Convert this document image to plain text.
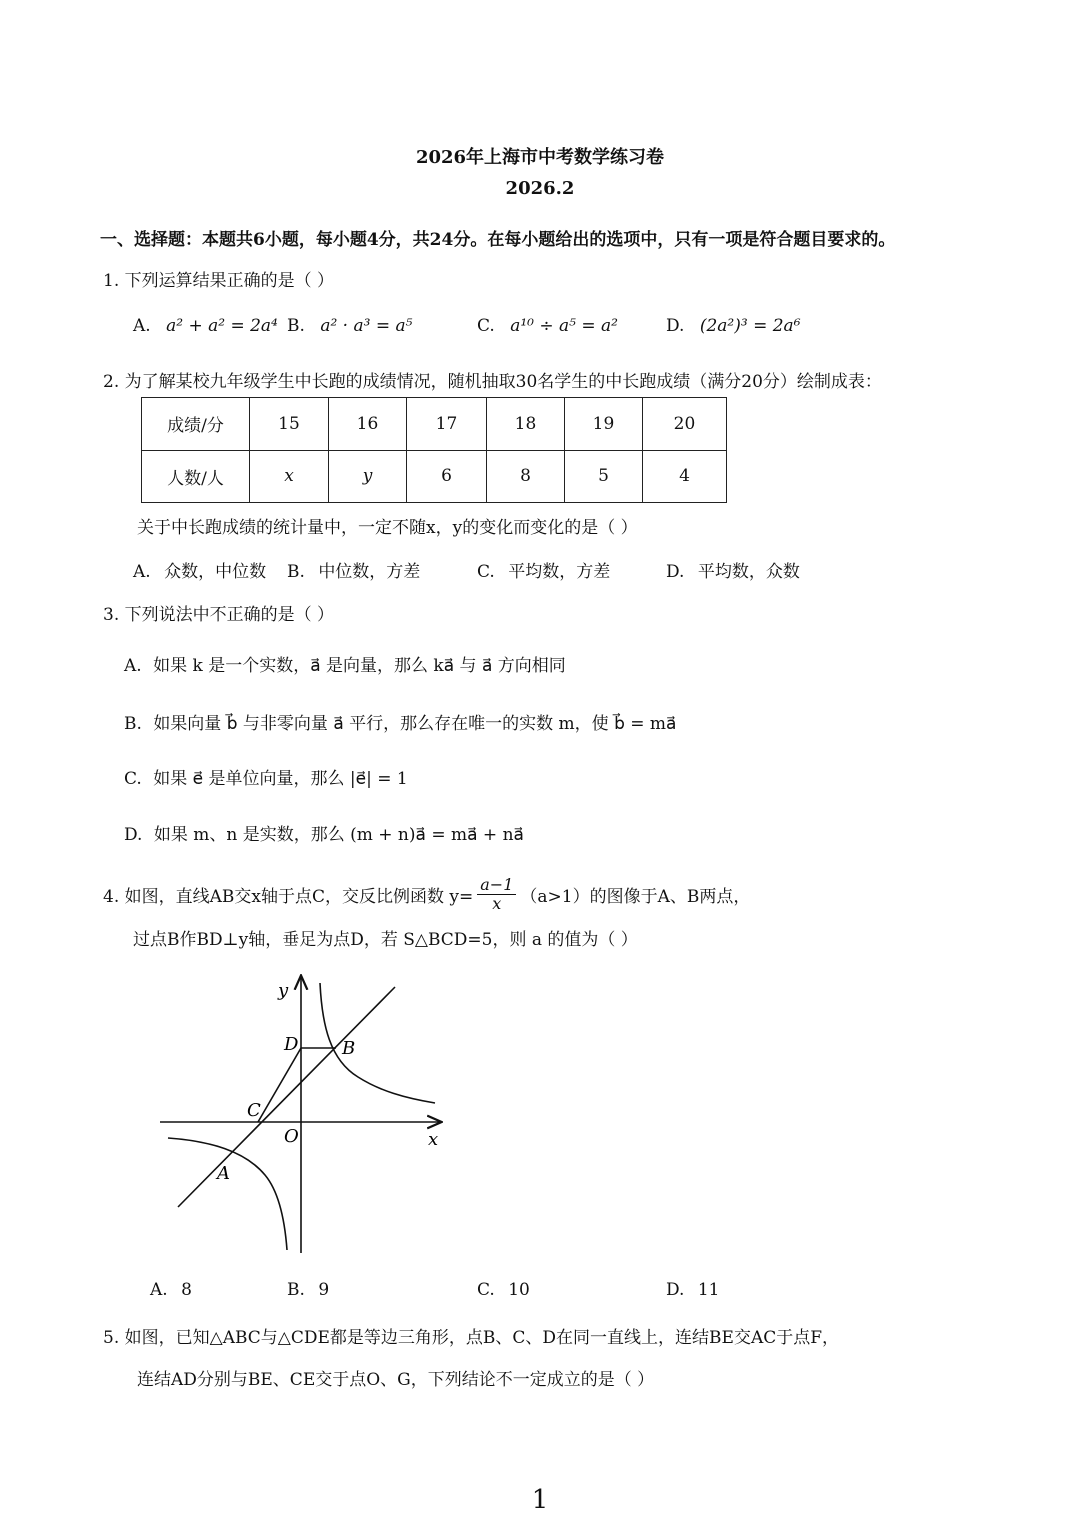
2026年上海市中考数学练习卷
2026.2
一、选择题：本题共6小题，每小题4分，共24分。在每小题给出的选项中，只有一项是符合题目要求的。
1. 下列运算结果正确的是（ ）
A. a² + a² = 2a⁴ B. a² · a³ = a⁵	C. a¹⁰ ÷ a⁵ = a²	D. (2a²)³ = 2a⁶
2. 为了解某校九年级学生中长跑的成绩情况，随机抽取30名学生的中长跑成绩（满分20分）绘制成表：
成绩/分	15	16	17	18	19	20
人数/人	x	y	6	8	5	4
关于中长跑成绩的统计量中，一定不随x，y的变化而变化的是（ ）
A. 众数，中位数 B. 中位数，方差	C. 平均数，方差	D. 平均数，众数
3. 下列说法中不正确的是（ ）
A. 如果 k 是一个实数，a⃗ 是向量，那么 ka⃗ 与 a⃗ 方向相同
B. 如果向量 b⃗ 与非零向量 a⃗ 平行，那么存在唯一的实数 m，使 b⃗ = ma⃗
C. 如果 e⃗ 是单位向量，那么 |e⃗| = 1
D. 如果 m、n 是实数，那么 (m + n)a⃗ = ma⃗ + na⃗
4. 如图，直线AB交x轴于点C，交反比例函数 $y= \frac{a-1}{x} (a>1)$的图像于A、B两点，
过点B作BD⊥y轴，垂足为点D，若 S△BCD=5，则 a 的值为（ ）
y
x
O
C
D B
A
A. 8	B. 9	C. 10	D. 11
5. 如图，已知△ABC与△CDE都是等边三角形，点B、C、D在同一直线上，连结BE交AC于点F，
连结AD分别与BE、CE交于点O、G，下列结论不一定成立的是（ ）
1
